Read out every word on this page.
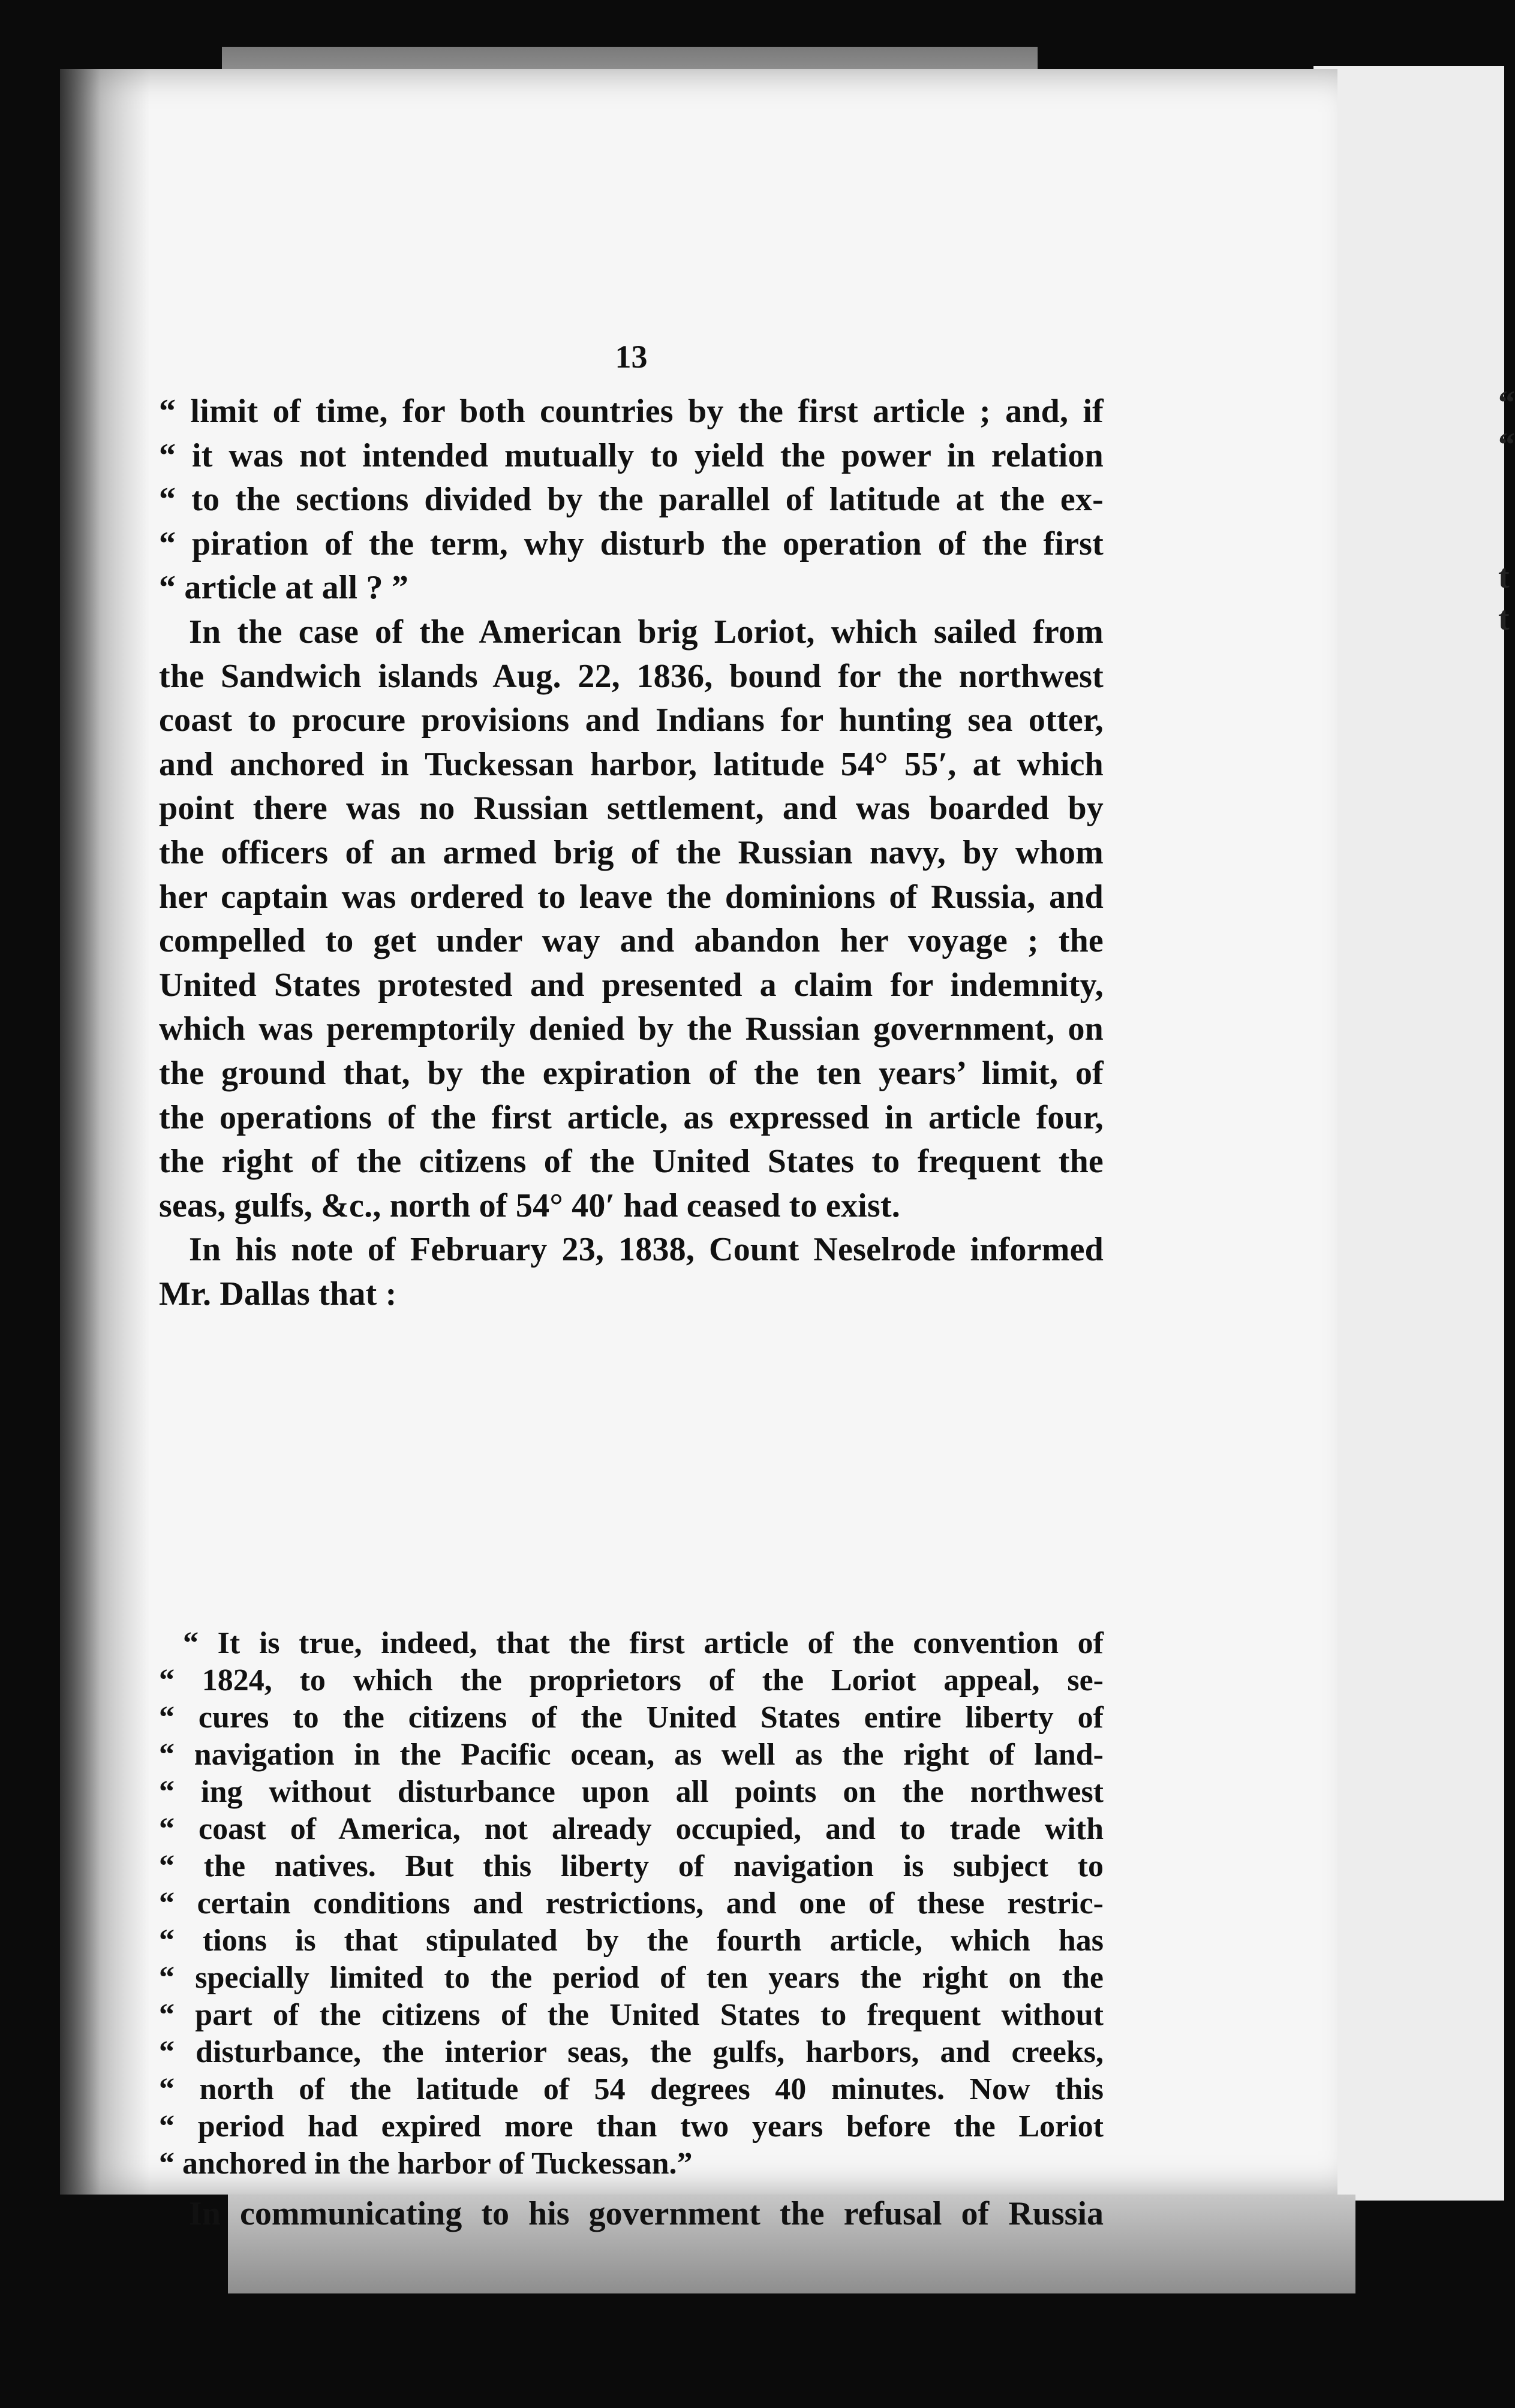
“
“
t
t
13
“ limit of time, for both countries by the first article ; and, if
“ it was not intended mutually to yield the power in relation
“ to the sections divided by the parallel of latitude at the ex-
“ piration of the term, why disturb the operation of the first
“ article at all ? ”
In the case of the American brig Loriot, which sailed from
the Sandwich islands Aug. 22, 1836, bound for the northwest
coast to procure provisions and Indians for hunting sea otter,
and anchored in Tuckessan harbor, latitude 54° 55′, at which
point there was no Russian settlement, and was boarded by
the officers of an armed brig of the Russian navy, by whom
her captain was ordered to leave the dominions of Russia, and
compelled to get under way and abandon her voyage ; the
United States protested and presented a claim for indemnity,
which was peremptorily denied by the Russian government, on
the ground that, by the expiration of the ten years’ limit, of
the operations of the first article, as expressed in article four,
the right of the citizens of the United States to frequent the
seas, gulfs, &c., north of 54° 40′ had ceased to exist.
In his note of February 23, 1838, Count Neselrode informed
Mr. Dallas that :
“ It is true, indeed, that the first article of the convention of
“ 1824, to which the proprietors of the Loriot appeal, se-
“ cures to the citizens of the United States entire liberty of
“ navigation in the Pacific ocean, as well as the right of land-
“ ing without disturbance upon all points on the northwest
“ coast of America, not already occupied, and to trade with
“ the natives. But this liberty of navigation is subject to
“ certain conditions and restrictions, and one of these restric-
“ tions is that stipulated by the fourth article, which has
“ specially limited to the period of ten years the right on the
“ part of the citizens of the United States to frequent without
“ disturbance, the interior seas, the gulfs, harbors, and creeks,
“ north of the latitude of 54 degrees 40 minutes. Now this
“ period had expired more than two years before the Loriot
“ anchored in the harbor of Tuckessan.”
In communicating to his government the refusal of Russia
